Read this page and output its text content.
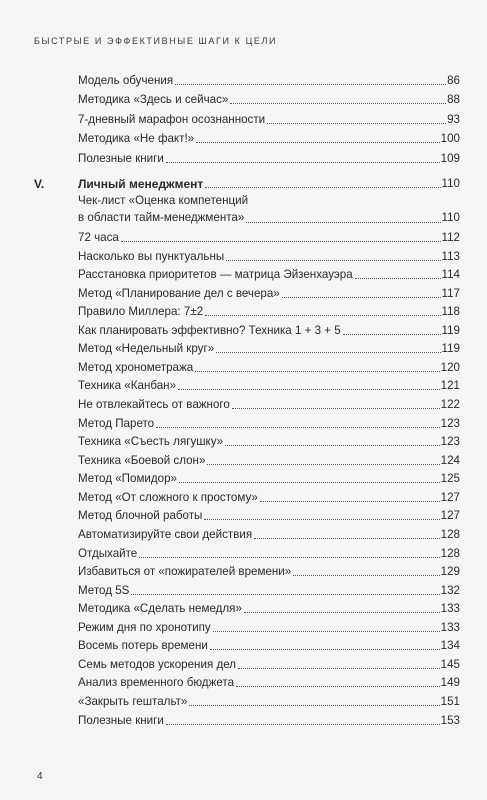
БЫСТРЫЕ И ЭФФЕКТИВНЫЕ ШАГИ К ЦЕЛИ
Модель обучения	86
Методика «Здесь и сейчас»	88
7-дневный марафон осознанности	93
Методика «Не факт!»	100
Полезные книги	109
V.	Личный менеджмент	110
Чек-лист «Оценка компетенций
в области тайм-менеджмента»	110
72 часа	112
Насколько вы пунктуальны	113
Расстановка приоритетов — матрица Эйзенхауэра	114
Метод «Планирование дел с вечера»	117
Правило Миллера: 7±2	118
Как планировать эффективно? Техника 1 + 3 + 5	119
Метод «Недельный круг»	119
Метод хронометража	120
Техника «Канбан»	121
Не отвлекайтесь от важного	122
Метод Парето	123
Техника «Съесть лягушку»	123
Техника «Боевой слон»	124
Метод «Помидор»	125
Метод «От сложного к простому»	127
Метод блочной работы	127
Автоматизируйте свои действия	128
Отдыхайте	128
Избавиться от «пожирателей времени»	129
Метод 5S	132
Методика «Сделать немедля»	133
Режим дня по хронотипу	133
Восемь потерь времени	134
Семь методов ускорения дел	145
Анализ временного бюджета	149
«Закрыть гештальт»	151
Полезные книги	153
4
